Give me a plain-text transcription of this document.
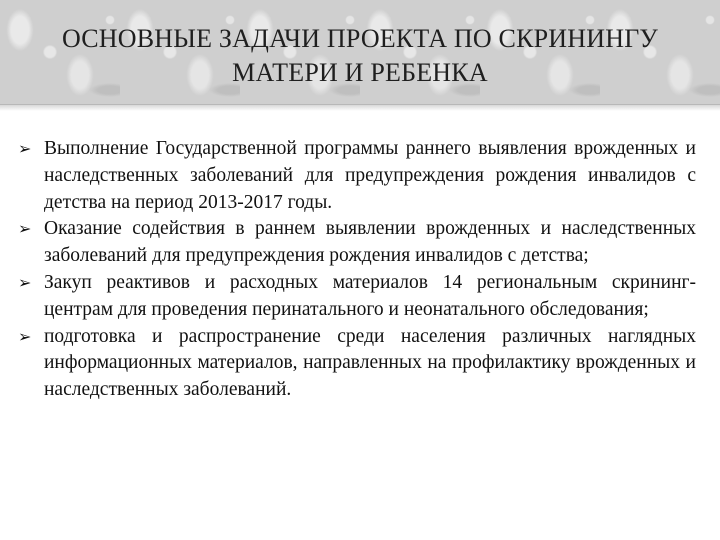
ОСНОВНЫЕ ЗАДАЧИ ПРОЕКТА ПО СКРИНИНГУ
МАТЕРИ И РЕБЕНКА
➢ Выполнение Государственной программы раннего выявления врожденных и наследственных заболеваний для предупреждения рождения инвалидов с детства на период 2013-2017 годы.
➢ Оказание содействия в раннем выявлении врожденных и наследственных заболеваний для предупреждения рождения инвалидов с детства;
➢ Закуп реактивов и расходных материалов 14 региональным скрининг-центрам для проведения перинатального и неонатального обследования;
➢ подготовка и распространение среди населения различных наглядных информационных материалов, направленных на профилактику врожденных и наследственных заболеваний.
